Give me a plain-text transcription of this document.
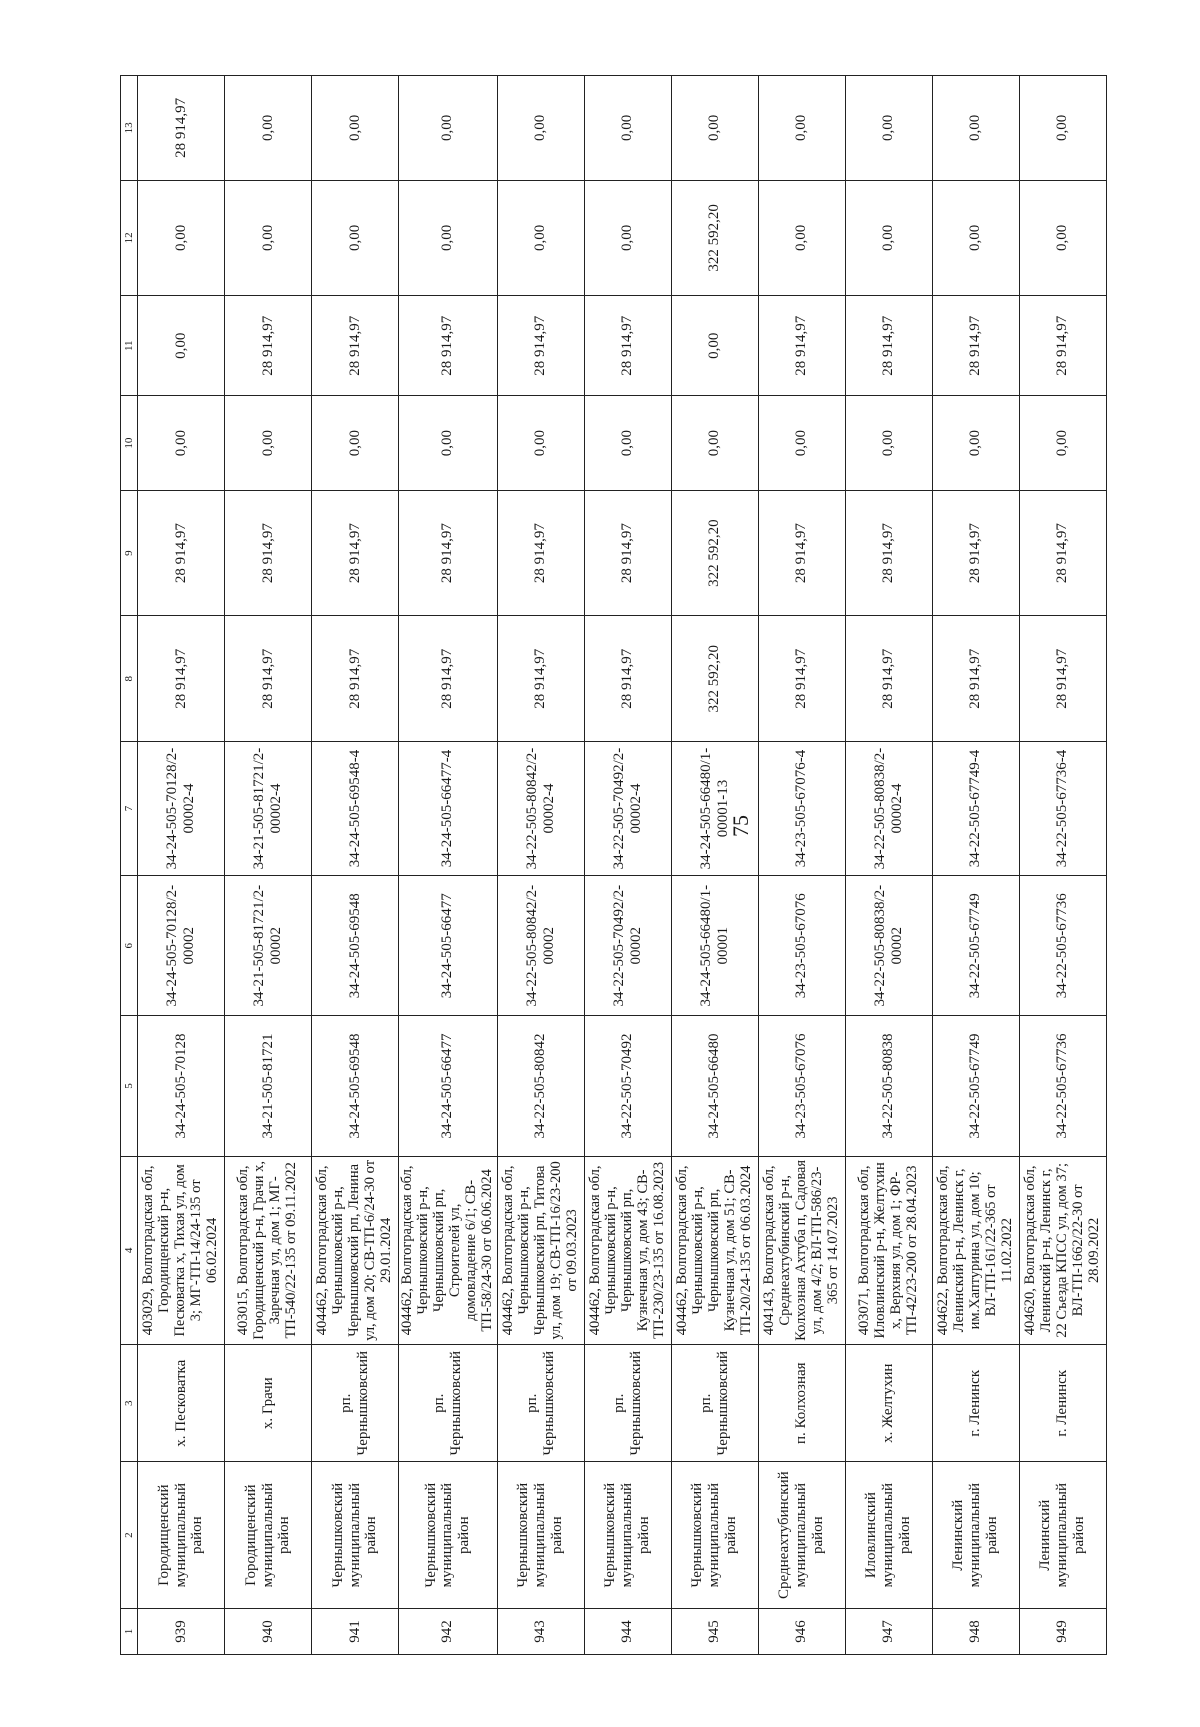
75
1	2	3	4	5	6	7	8	9	10	11	12	13
939	Городищенский муниципальный район	х. Песковатка	403029, Волгоградская обл, Городищенский р-н, Песковатка х, Тихая ул, дом 3; МГ-ТП-14/24-135 от 06.02.2024	34-24-505-70128	34-24-505-70128/2-00002	34-24-505-70128/2-00002-4	28 914,97	28 914,97	0,00	0,00	0,00	28 914,97
940	Городищенский муниципальный район	х. Грачи	403015, Волгоградская обл, Городищенский р-н, Грачи х, Заречная ул, дом 1; МГ-ТП-540/22-135 от 09.11.2022	34-21-505-81721	34-21-505-81721/2-00002	34-21-505-81721/2-00002-4	28 914,97	28 914,97	0,00	28 914,97	0,00	0,00
941	Чернышковский муниципальный район	рп. Чернышковский	404462, Волгоградская обл, Чернышковский р-н, Чернышковский рп, Ленина ул, дом 20; СВ-ТП-6/24-30 от 29.01.2024	34-24-505-69548	34-24-505-69548	34-24-505-69548-4	28 914,97	28 914,97	0,00	28 914,97	0,00	0,00
942	Чернышковский муниципальный район	рп. Чернышковский	404462, Волгоградская обл, Чернышковский р-н, Чернышковский рп, Строителей ул, домовладение 6/1; СВ-ТП-58/24-30 от 06.06.2024	34-24-505-66477	34-24-505-66477	34-24-505-66477-4	28 914,97	28 914,97	0,00	28 914,97	0,00	0,00
943	Чернышковский муниципальный район	рп. Чернышковский	404462, Волгоградская обл, Чернышковский р-н, Чернышковский рп, Титова ул, дом 19; СВ-ТП-16/23-200 от 09.03.2023	34-22-505-80842	34-22-505-80842/2-00002	34-22-505-80842/2-00002-4	28 914,97	28 914,97	0,00	28 914,97	0,00	0,00
944	Чернышковский муниципальный район	рп. Чернышковский	404462, Волгоградская обл, Чернышковский р-н, Чернышковский рп, Кузнечная ул, дом 43; СВ-ТП-230/23-135 от 16.08.2023	34-22-505-70492	34-22-505-70492/2-00002	34-22-505-70492/2-00002-4	28 914,97	28 914,97	0,00	28 914,97	0,00	0,00
945	Чернышковский муниципальный район	рп. Чернышковский	404462, Волгоградская обл, Чернышковский р-н, Чернышковский рп, Кузнечная ул, дом 51; СВ-ТП-20/24-135 от 06.03.2024	34-24-505-66480	34-24-505-66480/1-00001	34-24-505-66480/1-00001-13	322 592,20	322 592,20	0,00	0,00	322 592,20	0,00
946	Среднеахтубинский муниципальный район	п. Колхозная	404143, Волгоградская обл, Среднеахтубинский р-н, Колхозная Ахтуба п, Садовая ул, дом 4/2; ВЛ-ТП-586/23-365 от 14.07.2023	34-23-505-67076	34-23-505-67076	34-23-505-67076-4	28 914,97	28 914,97	0,00	28 914,97	0,00	0,00
947	Иловлинский муниципальный район	х. Желтухин	403071, Волгоградская обл, Иловлинский р-н, Желтухин х, Верхняя ул, дом 1; ФР-ТП-42/23-200 от 28.04.2023	34-22-505-80838	34-22-505-80838/2-00002	34-22-505-80838/2-00002-4	28 914,97	28 914,97	0,00	28 914,97	0,00	0,00
948	Ленинский муниципальный район	г. Ленинск	404622, Волгоградская обл, Ленинский р-н, Ленинск г, им.Хаптурина ул, дом 10; ВЛ-ТП-161/22-365 от 11.02.2022	34-22-505-67749	34-22-505-67749	34-22-505-67749-4	28 914,97	28 914,97	0,00	28 914,97	0,00	0,00
949	Ленинский муниципальный район	г. Ленинск	404620, Волгоградская обл, Ленинский р-н, Ленинск г, 22 Съезда КПСС ул, дом 37; ВЛ-ТП-1662/22-30 от 28.09.2022	34-22-505-67736	34-22-505-67736	34-22-505-67736-4	28 914,97	28 914,97	0,00	28 914,97	0,00	0,00
